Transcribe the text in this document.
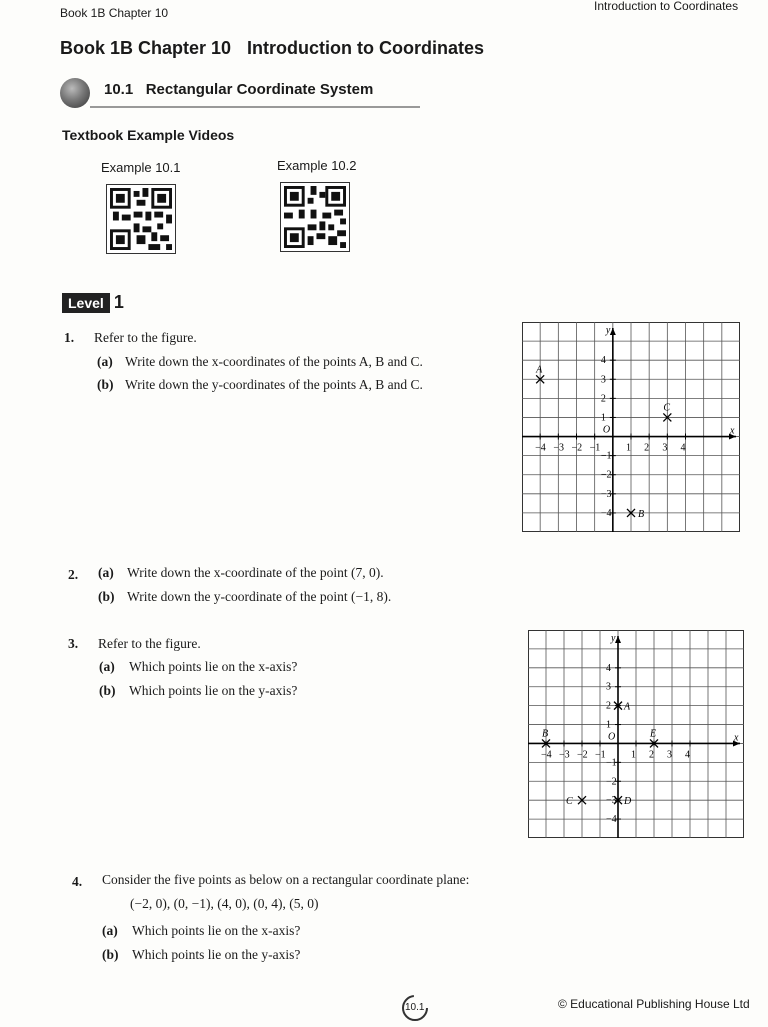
Book 1B Chapter 10	Introduction to Coordinates
Book 1B Chapter 10 Introduction to Coordinates
10.1 Rectangular Coordinate System
Textbook Example Videos
Example 10.1	Example 10.2
Level 1
1. Refer to the figure.
(a) Write down the x-coordinates of the points A, B and C.
(b) Write down the y-coordinates of the points A, B and C.
2. (a) Write down the x-coordinate of the point (7, 0).
(b) Write down the y-coordinate of the point (−1, 8).
3. Refer to the figure.
(a) Which points lie on the x-axis?
(b) Which points lie on the y-axis?
4. Consider the five points as below on a rectangular coordinate plane:
(−2, 0), (0, −1), (4, 0), (0, 4), (5, 0)
(a) Which points lie on the x-axis?
(b) Which points lie on the y-axis?
x
y
O
−4 −3 −2 −1	1 2 3 4
4
3
2
1
−1
−2
−3
−4
A
B
C
x
y
O
−4 −3 −2 −1	1 2 3 4
4
3
2
1
−1
−2
−3
−4
A
B
C	D
E
10.1	© Educational Publishing House Ltd
